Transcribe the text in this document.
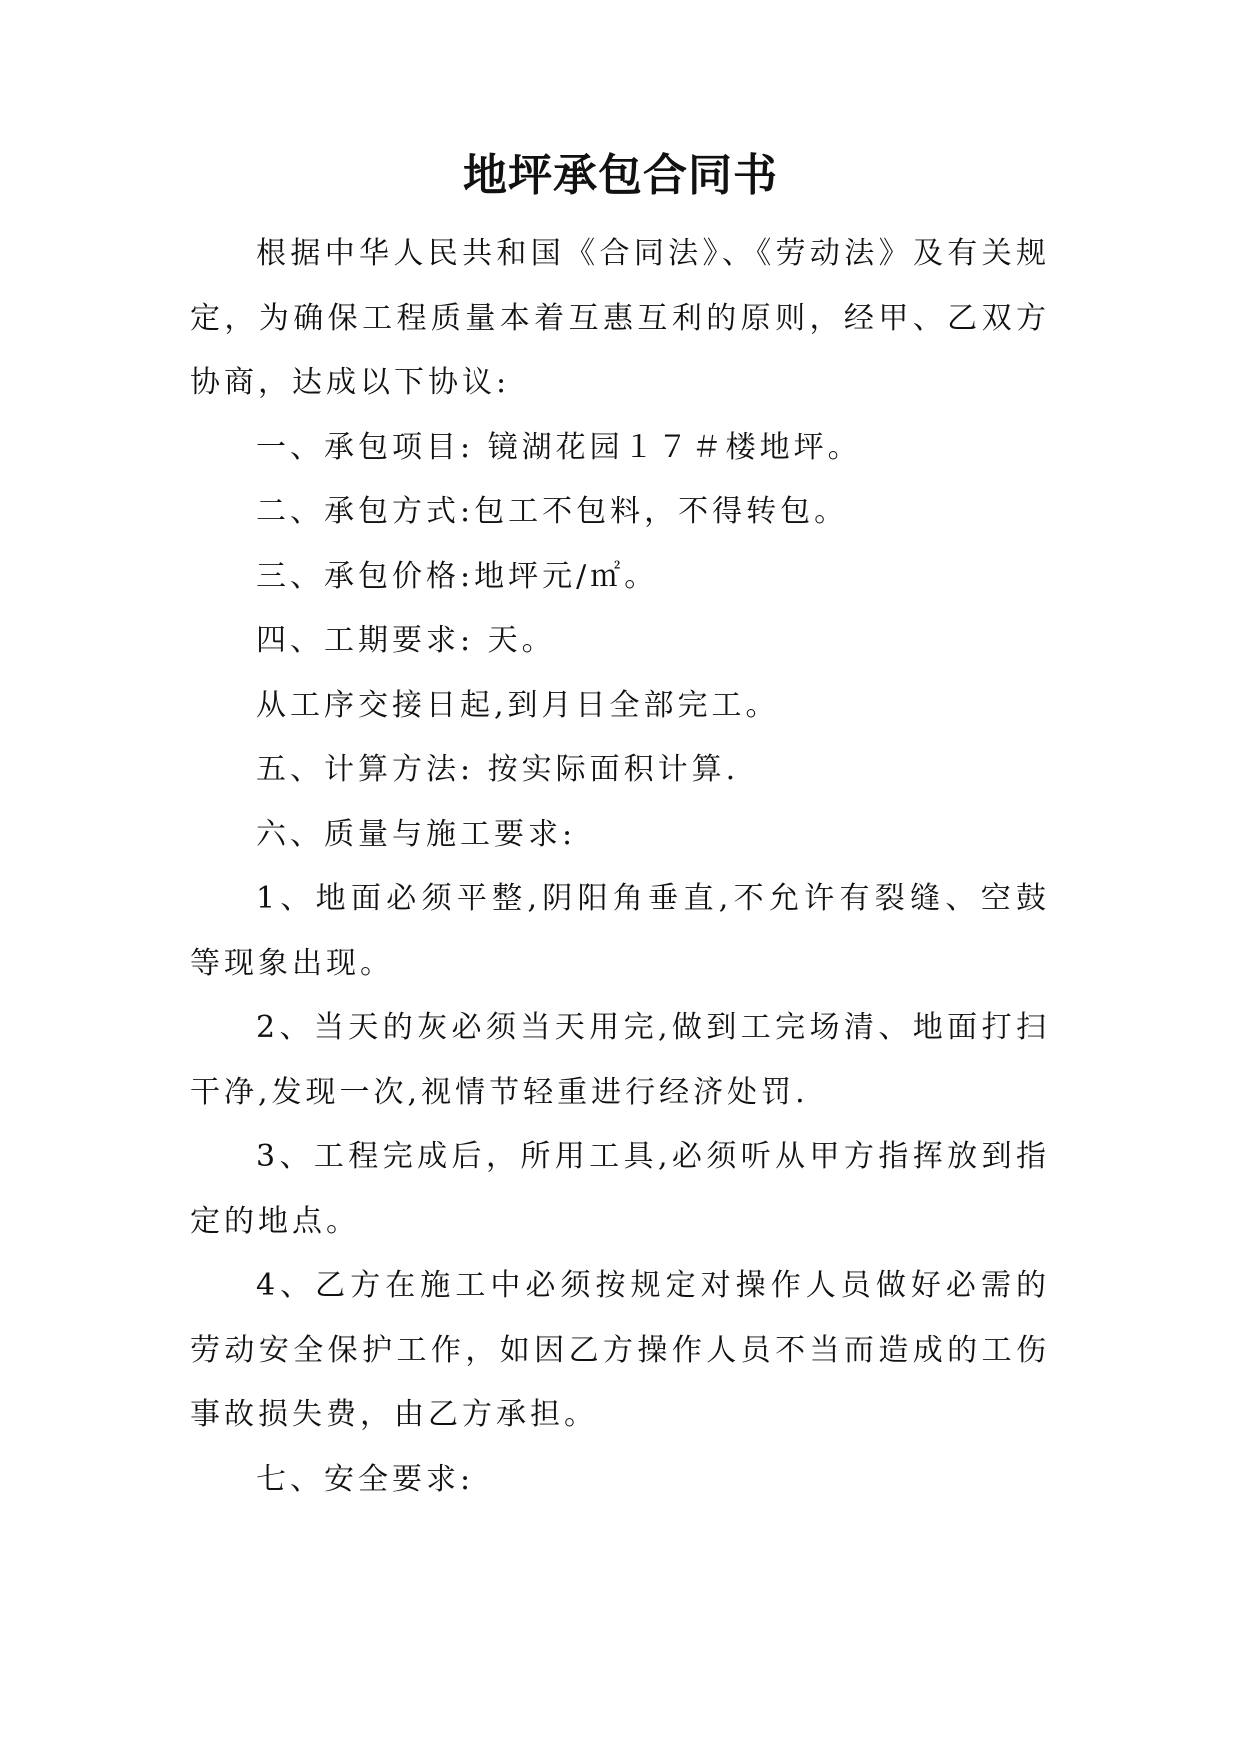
地坪承包合同书

根据中华人民共和国《合同法》、《劳动法》及有关规定，为确保工程质量本着互惠互利的原则，经甲、乙双方协商，达成以下协议:

一、承包项目: 镜湖花园１７＃楼地坪。

二、承包方式:包工不包料，不得转包。

三、承包价格:地坪元/㎡。

四、工期要求: 天。

从工序交接日起,到月日全部完工。

五、计算方法: 按实际面积计算.

六、质量与施工要求:

1、地面必须平整,阴阳角垂直,不允许有裂缝、空鼓等现象出现。

2、当天的灰必须当天用完,做到工完场清、地面打扫干净,发现一次,视情节轻重进行经济处罚.

3、工程完成后，所用工具,必须听从甲方指挥放到指定的地点。

4、乙方在施工中必须按规定对操作人员做好必需的劳动安全保护工作，如因乙方操作人员不当而造成的工伤事故损失费，由乙方承担。

七、安全要求:
